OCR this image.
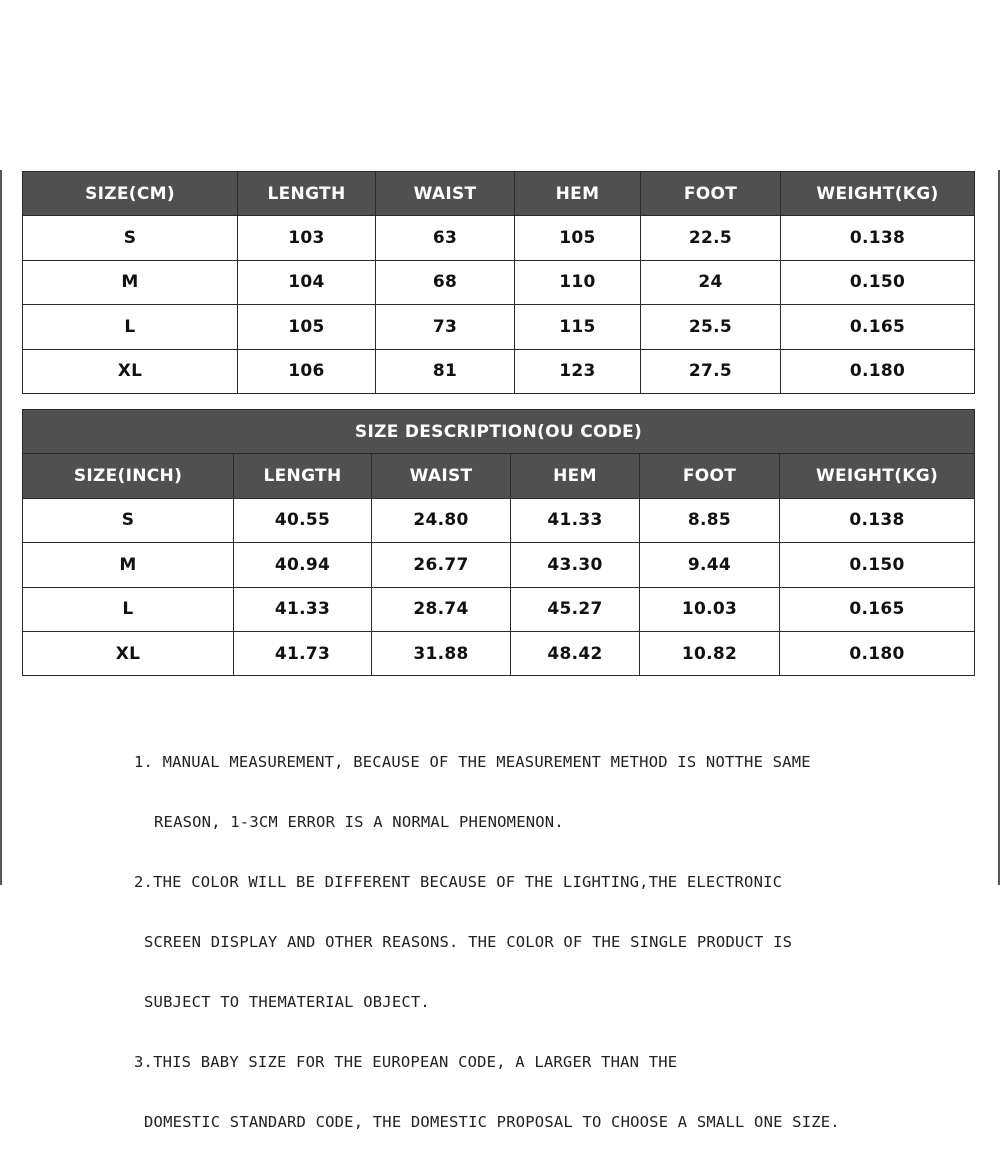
SIZE(CM)	LENGTH	WAIST	HEM	FOOT	WEIGHT(KG)
S	103	63	105	22.5	0.138
M	104	68	110	24	0.150
L	105	73	115	25.5	0.165
XL	106	81	123	27.5	0.180
SIZE DESCRIPTION(OU CODE)					
SIZE(INCH)	LENGTH	WAIST	HEM	FOOT	WEIGHT(KG)
S	40.55	24.80	41.33	8.85	0.138
M	40.94	26.77	43.30	9.44	0.150
L	41.33	28.74	45.27	10.03	0.165
XL	41.73	31.88	48.42	10.82	0.180

1. MANUAL MEASUREMENT, BECAUSE OF THE MEASUREMENT METHOD IS NOTTHE SAME

REASON, 1-3CM ERROR IS A NORMAL PHENOMENON.

2.THE COLOR WILL BE DIFFERENT BECAUSE OF THE LIGHTING,THE ELECTRONIC

SCREEN DISPLAY AND OTHER REASONS. THE COLOR OF THE SINGLE PRODUCT IS

SUBJECT TO THEMATERIAL OBJECT.

3.THIS BABY SIZE FOR THE EUROPEAN CODE, A LARGER THAN THE

DOMESTIC STANDARD CODE, THE DOMESTIC PROPOSAL TO CHOOSE A SMALL ONE SIZE.
